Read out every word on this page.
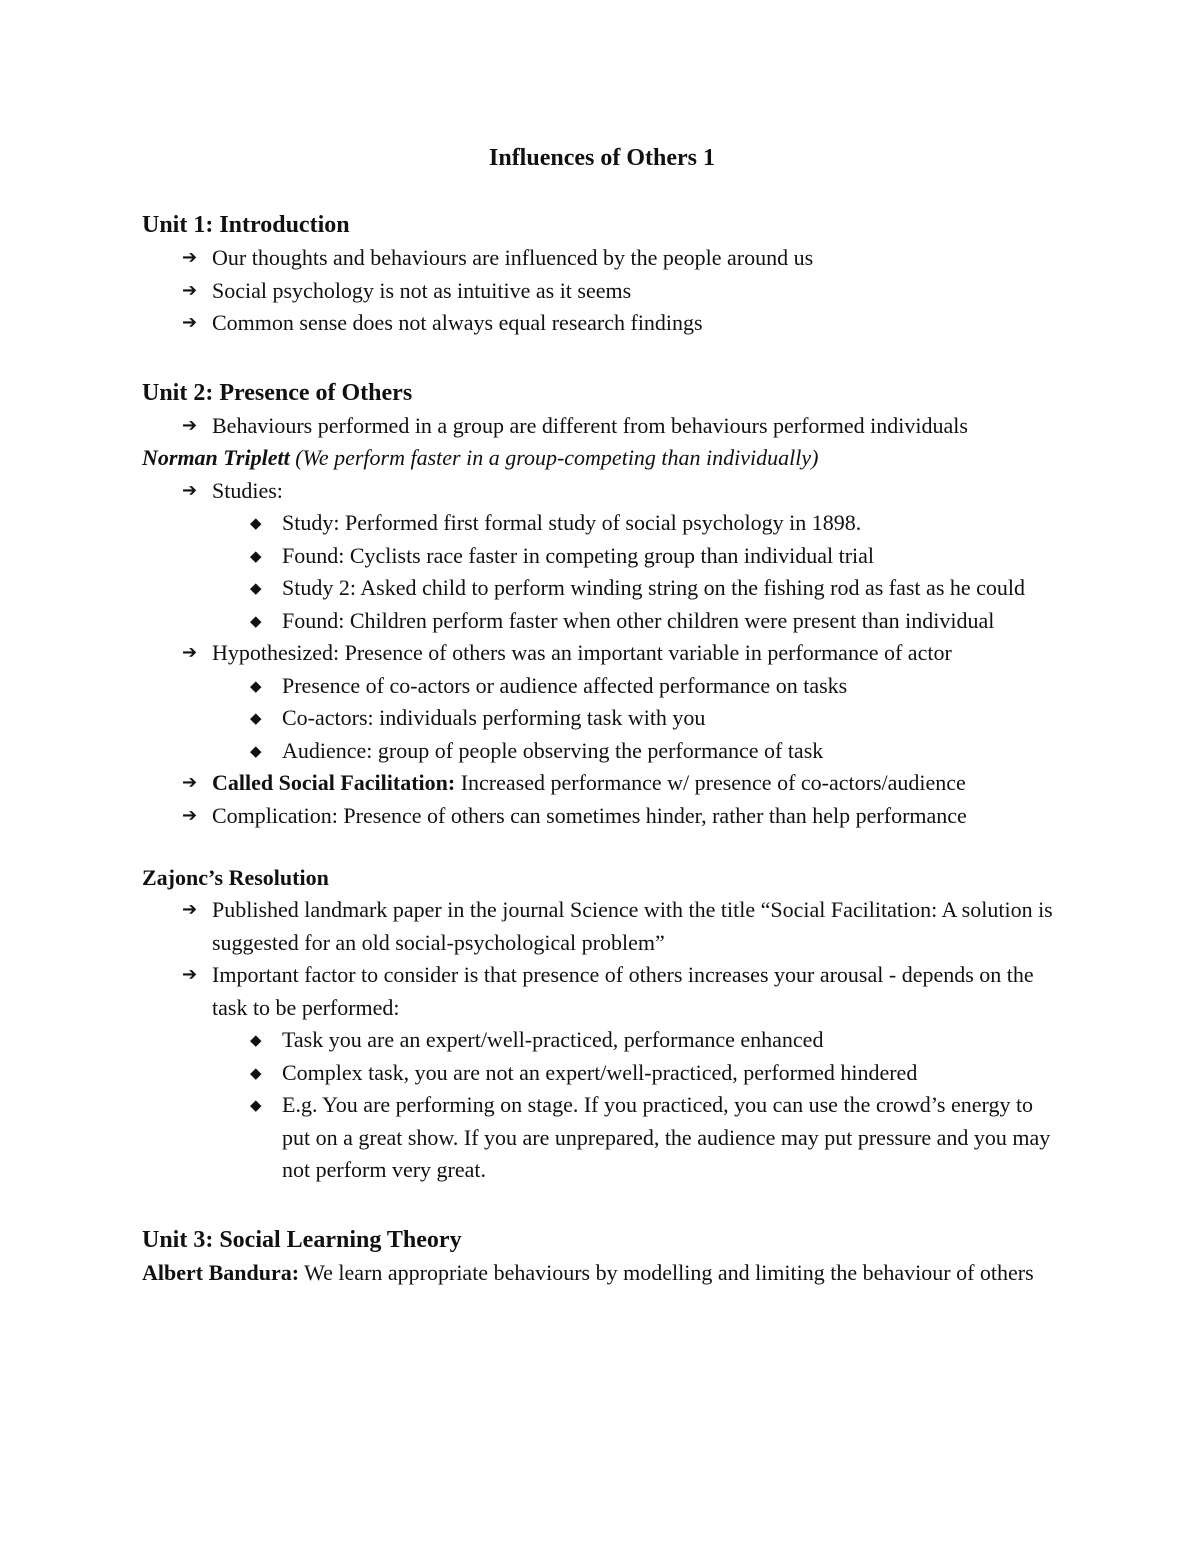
Influences of Others 1
Unit 1: Introduction
➔ Our thoughts and behaviours are influenced by the people around us
➔ Social psychology is not as intuitive as it seems
➔ Common sense does not always equal research findings
Unit 2: Presence of Others
➔ Behaviours performed in a group are different from behaviours performed individuals
Norman Triplett (We perform faster in a group-competing than individually)
➔ Studies:
◆ Study: Performed first formal study of social psychology in 1898.
◆ Found: Cyclists race faster in competing group than individual trial
◆ Study 2: Asked child to perform winding string on the fishing rod as fast as he could
◆ Found: Children perform faster when other children were present than individual
➔ Hypothesized: Presence of others was an important variable in performance of actor
◆ Presence of co-actors or audience affected performance on tasks
◆ Co-actors: individuals performing task with you
◆ Audience: group of people observing the performance of task
➔ Called Social Facilitation: Increased performance w/ presence of co-actors/audience
➔ Complication: Presence of others can sometimes hinder, rather than help performance
Zajonc’s Resolution
➔ Published landmark paper in the journal Science with the title “Social Facilitation: A solution is suggested for an old social-psychological problem”
➔ Important factor to consider is that presence of others increases your arousal - depends on the task to be performed:
◆ Task you are an expert/well-practiced, performance enhanced
◆ Complex task, you are not an expert/well-practiced, performed hindered
◆ E.g. You are performing on stage. If you practiced, you can use the crowd’s energy to put on a great show. If you are unprepared, the audience may put pressure and you may not perform very great.
Unit 3: Social Learning Theory
Albert Bandura: We learn appropriate behaviours by modelling and limiting the behaviour of others
